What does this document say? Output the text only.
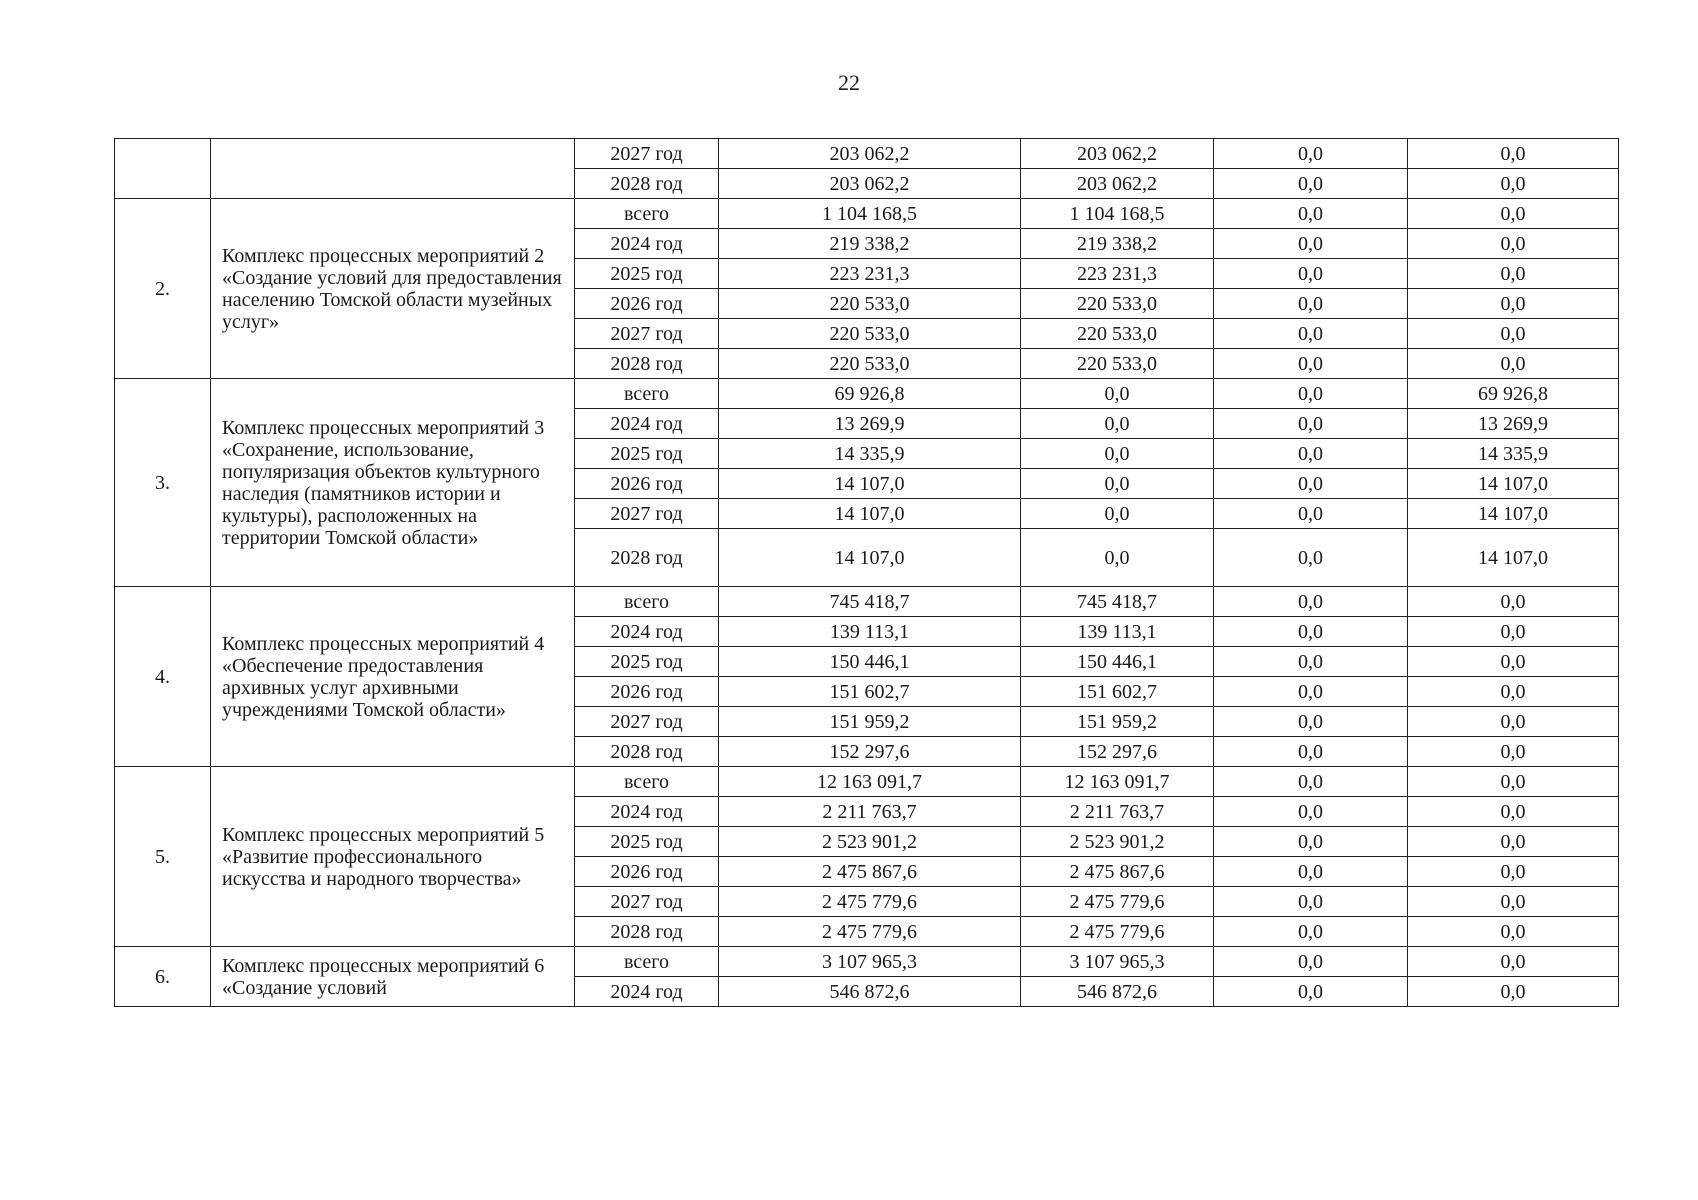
22
		2027 год	203 062,2	203 062,2	0,0	0,0
		2028 год	203 062,2	203 062,2	0,0	0,0
2.	Комплекс процессных мероприятий 2 «Создание условий для предоставления населению Томской области музейных услуг»	всего	1 104 168,5	1 104 168,5	0,0	0,0
		2024 год	219 338,2	219 338,2	0,0	0,0
		2025 год	223 231,3	223 231,3	0,0	0,0
		2026 год	220 533,0	220 533,0	0,0	0,0
		2027 год	220 533,0	220 533,0	0,0	0,0
		2028 год	220 533,0	220 533,0	0,0	0,0
3.	Комплекс процессных мероприятий 3 «Сохранение, использование, популяризация объектов культурного наследия (памятников истории и культуры), расположенных на территории Томской области»	всего	69 926,8	0,0	0,0	69 926,8
		2024 год	13 269,9	0,0	0,0	13 269,9
		2025 год	14 335,9	0,0	0,0	14 335,9
		2026 год	14 107,0	0,0	0,0	14 107,0
		2027 год	14 107,0	0,0	0,0	14 107,0
		2028 год	14 107,0	0,0	0,0	14 107,0
4.	Комплекс процессных мероприятий 4 «Обеспечение предоставления архивных услуг архивными учреждениями Томской области»	всего	745 418,7	745 418,7	0,0	0,0
		2024 год	139 113,1	139 113,1	0,0	0,0
		2025 год	150 446,1	150 446,1	0,0	0,0
		2026 год	151 602,7	151 602,7	0,0	0,0
		2027 год	151 959,2	151 959,2	0,0	0,0
		2028 год	152 297,6	152 297,6	0,0	0,0
5.	Комплекс процессных мероприятий 5 «Развитие профессионального искусства и народного творчества»	всего	12 163 091,7	12 163 091,7	0,0	0,0
		2024 год	2 211 763,7	2 211 763,7	0,0	0,0
		2025 год	2 523 901,2	2 523 901,2	0,0	0,0
		2026 год	2 475 867,6	2 475 867,6	0,0	0,0
		2027 год	2 475 779,6	2 475 779,6	0,0	0,0
		2028 год	2 475 779,6	2 475 779,6	0,0	0,0
6.	Комплекс процессных мероприятий 6 «Создание условий	всего	3 107 965,3	3 107 965,3	0,0	0,0
		2024 год	546 872,6	546 872,6	0,0	0,0
